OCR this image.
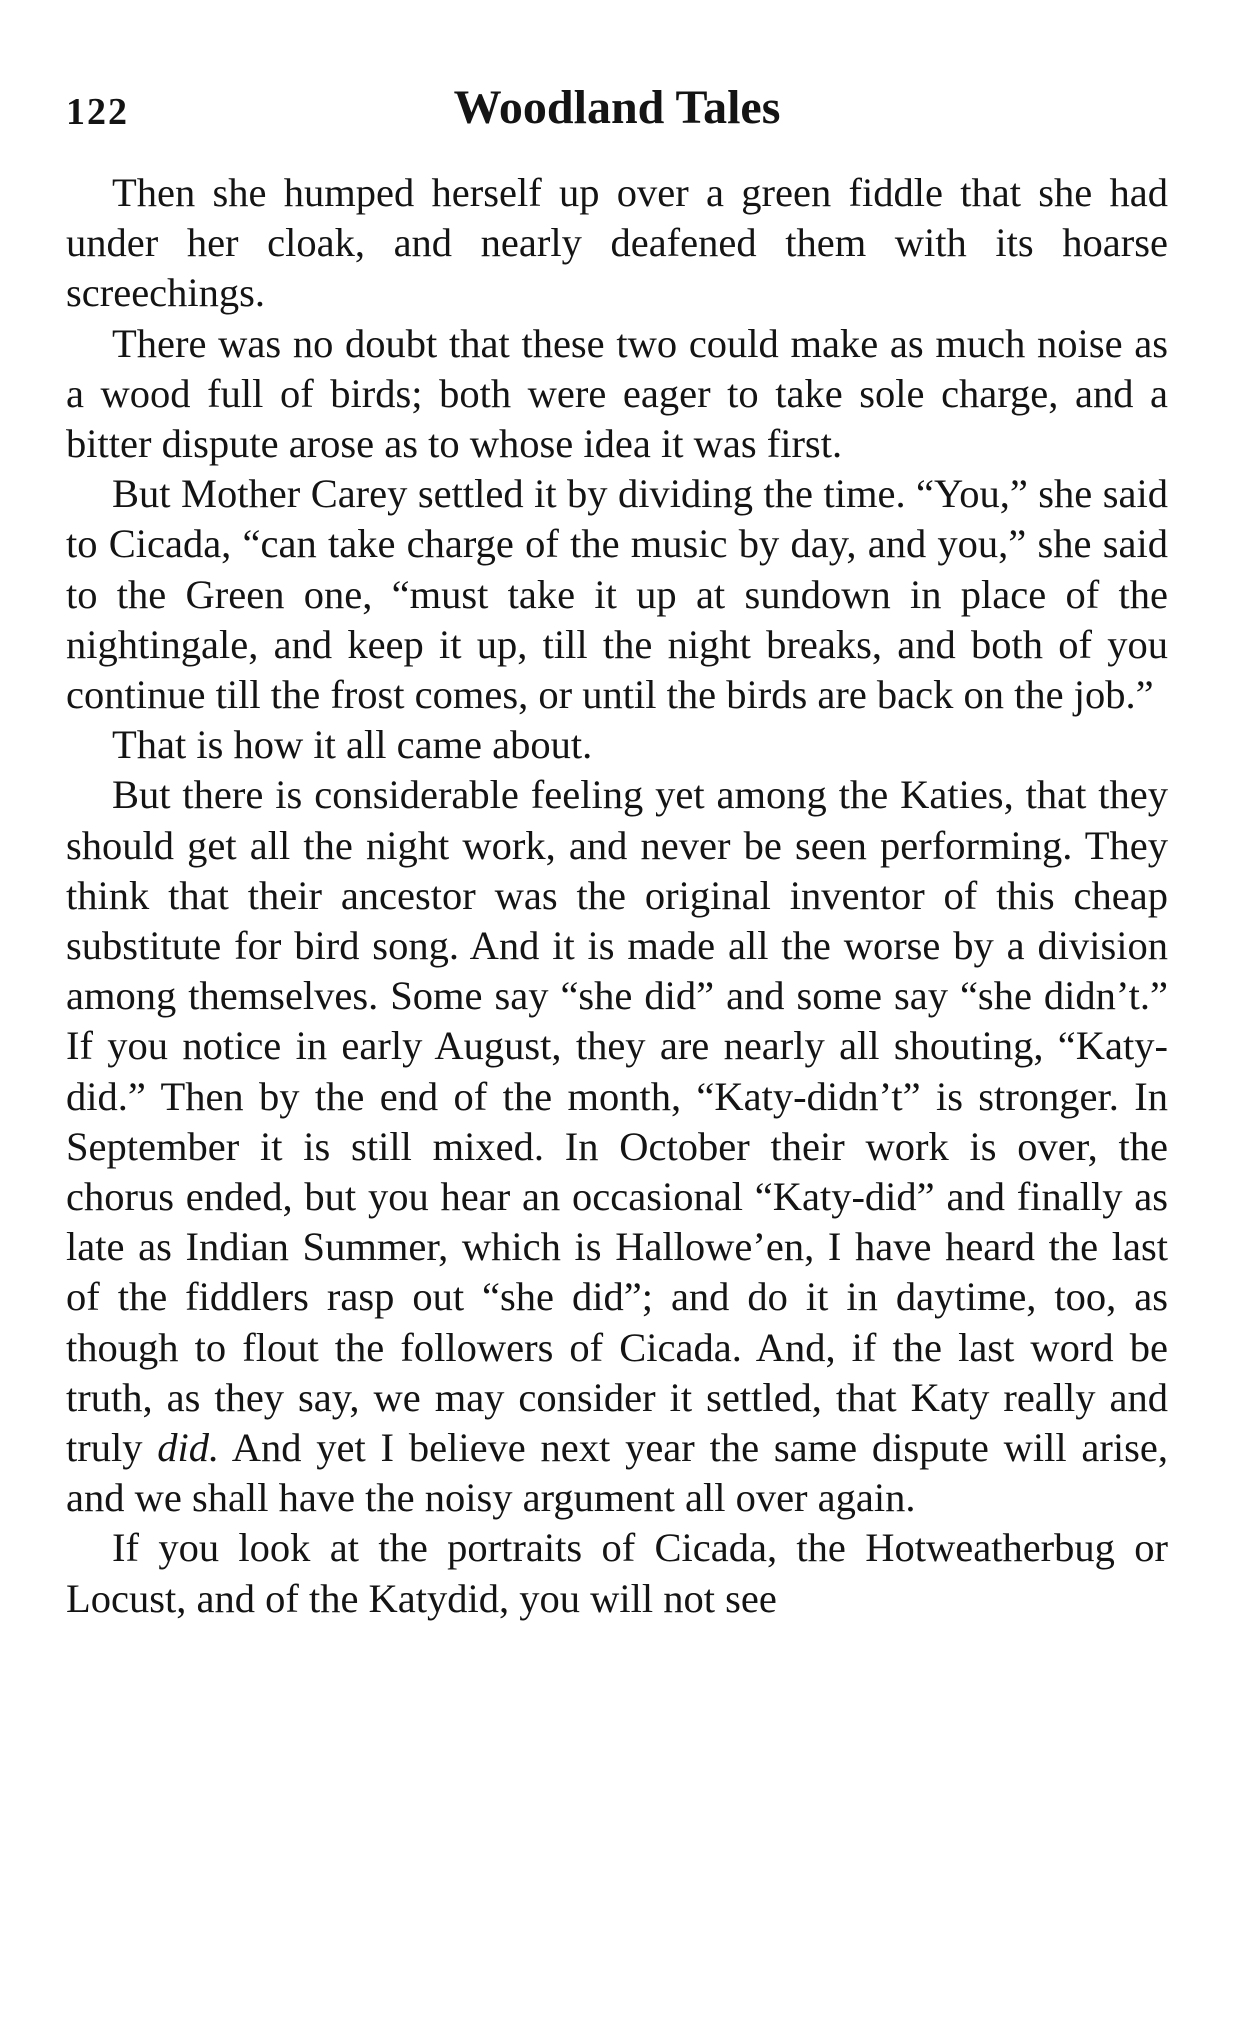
122	Woodland Tales

Then she humped herself up over a green fiddle that she had under her cloak, and nearly deafened them with its hoarse screechings.

There was no doubt that these two could make as much noise as a wood full of birds; both were eager to take sole charge, and a bitter dispute arose as to whose idea it was first.

But Mother Carey settled it by dividing the time. “You,” she said to Cicada, “can take charge of the music by day, and you,” she said to the Green one, “must take it up at sundown in place of the nightingale, and keep it up, till the night breaks, and both of you continue till the frost comes, or until the birds are back on the job.”

That is how it all came about.

But there is considerable feeling yet among the Katies, that they should get all the night work, and never be seen performing. They think that their ancestor was the original inventor of this cheap substitute for bird song. And it is made all the worse by a division among themselves. Some say “she did” and some say “she didn’t.” If you notice in early August, they are nearly all shouting, “Katydid.” Then by the end of the month, “Katy-didn’t” is stronger. In September it is still mixed. In October their work is over, the chorus ended, but you hear an occasional “Katy-did” and finally as late as Indian Summer, which is Hallowe’en, I have heard the last of the fiddlers rasp out “she did”; and do it in daytime, too, as though to flout the followers of Cicada. And, if the last word be truth, as they say, we may consider it settled, that Katy really and truly did. And yet I believe next year the same dispute will arise, and we shall have the noisy argument all over again.

If you look at the portraits of Cicada, the Hotweatherbug or Locust, and of the Katydid, you will not see
